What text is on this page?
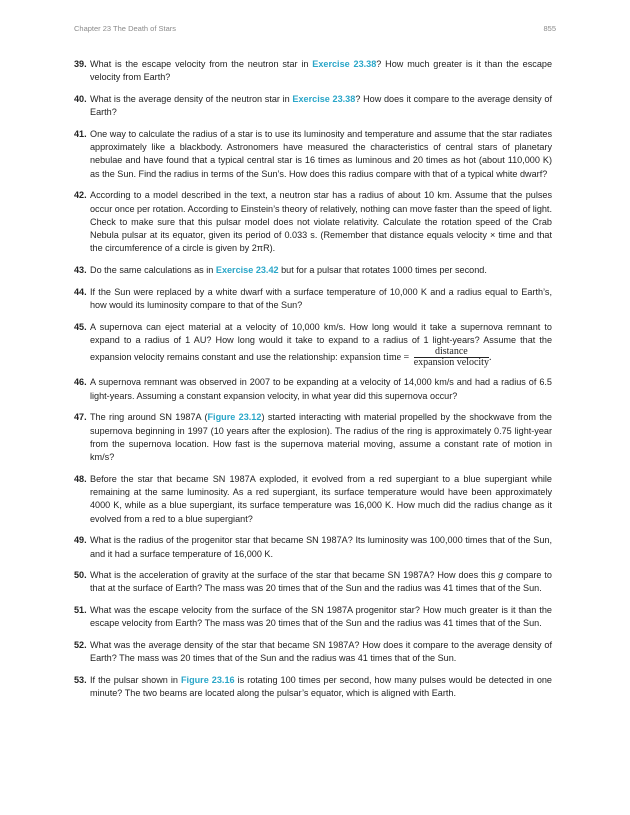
Chapter 23 The Death of Stars	855
39. What is the escape velocity from the neutron star in Exercise 23.38? How much greater is it than the escape velocity from Earth?
40. What is the average density of the neutron star in Exercise 23.38? How does it compare to the average density of Earth?
41. One way to calculate the radius of a star is to use its luminosity and temperature and assume that the star radiates approximately like a blackbody. Astronomers have measured the characteristics of central stars of planetary nebulae and have found that a typical central star is 16 times as luminous and 20 times as hot (about 110,000 K) as the Sun. Find the radius in terms of the Sun’s. How does this radius compare with that of a typical white dwarf?
42. According to a model described in the text, a neutron star has a radius of about 10 km. Assume that the pulses occur once per rotation. According to Einstein’s theory of relatively, nothing can move faster than the speed of light. Check to make sure that this pulsar model does not violate relativity. Calculate the rotation speed of the Crab Nebula pulsar at its equator, given its period of 0.033 s. (Remember that distance equals velocity × time and that the circumference of a circle is given by 2πR).
43. Do the same calculations as in Exercise 23.42 but for a pulsar that rotates 1000 times per second.
44. If the Sun were replaced by a white dwarf with a surface temperature of 10,000 K and a radius equal to Earth’s, how would its luminosity compare to that of the Sun?
45. A supernova can eject material at a velocity of 10,000 km/s. How long would it take a supernova remnant to expand to a radius of 1 AU? How long would it take to expand to a radius of 1 light-years? Assume that the expansion velocity remains constant and use the relationship: expansion time = $\frac{\text{distance}}{\text{expansion velocity}}$ .
46. A supernova remnant was observed in 2007 to be expanding at a velocity of 14,000 km/s and had a radius of 6.5 light-years. Assuming a constant expansion velocity, in what year did this supernova occur?
47. The ring around SN 1987A (Figure 23.12) started interacting with material propelled by the shockwave from the supernova beginning in 1997 (10 years after the explosion). The radius of the ring is approximately 0.75 light-year from the supernova location. How fast is the supernova material moving, assume a constant rate of motion in km/s?
48. Before the star that became SN 1987A exploded, it evolved from a red supergiant to a blue supergiant while remaining at the same luminosity. As a red supergiant, its surface temperature would have been approximately 4000 K, while as a blue supergiant, its surface temperature was 16,000 K. How much did the radius change as it evolved from a red to a blue supergiant?
49. What is the radius of the progenitor star that became SN 1987A? Its luminosity was 100,000 times that of the Sun, and it had a surface temperature of 16,000 K.
50. What is the acceleration of gravity at the surface of the star that became SN 1987A? How does this g compare to that at the surface of Earth? The mass was 20 times that of the Sun and the radius was 41 times that of the Sun.
51. What was the escape velocity from the surface of the SN 1987A progenitor star? How much greater is it than the escape velocity from Earth? The mass was 20 times that of the Sun and the radius was 41 times that of the Sun.
52. What was the average density of the star that became SN 1987A? How does it compare to the average density of Earth? The mass was 20 times that of the Sun and the radius was 41 times that of the Sun.
53. If the pulsar shown in Figure 23.16 is rotating 100 times per second, how many pulses would be detected in one minute? The two beams are located along the pulsar’s equator, which is aligned with Earth.
